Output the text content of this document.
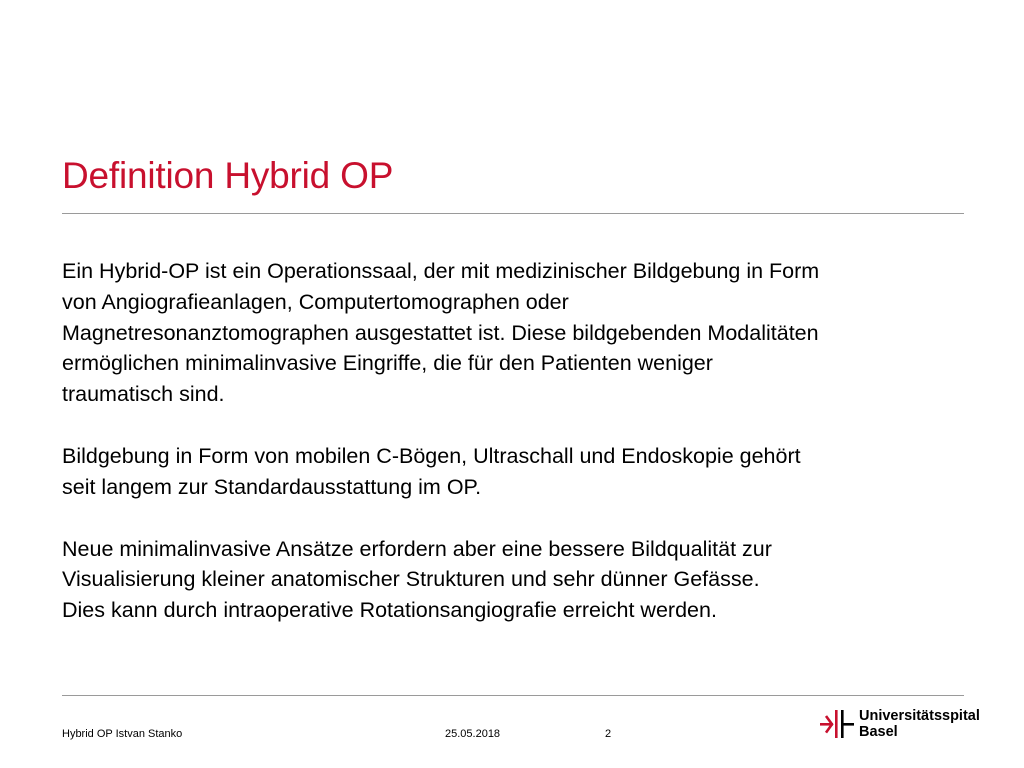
Definition Hybrid OP

Ein Hybrid-OP ist ein Operationssaal, der mit medizinischer Bildgebung in Form
von Angiografieanlagen, Computertomographen oder
Magnetresonanztomographen ausgestattet ist. Diese bildgebenden Modalitäten
ermöglichen minimalinvasive Eingriffe, die für den Patienten weniger
traumatisch sind.

Bildgebung in Form von mobilen C-Bögen, Ultraschall und Endoskopie gehört
seit langem zur Standardausstattung im OP.

Neue minimalinvasive Ansätze erfordern aber eine bessere Bildqualität zur
Visualisierung kleiner anatomischer Strukturen und sehr dünner Gefässe.
Dies kann durch intraoperative Rotationsangiografie erreicht werden.

Hybrid OP Istvan Stanko	25.05.2018	2
Universitätsspital
Basel
